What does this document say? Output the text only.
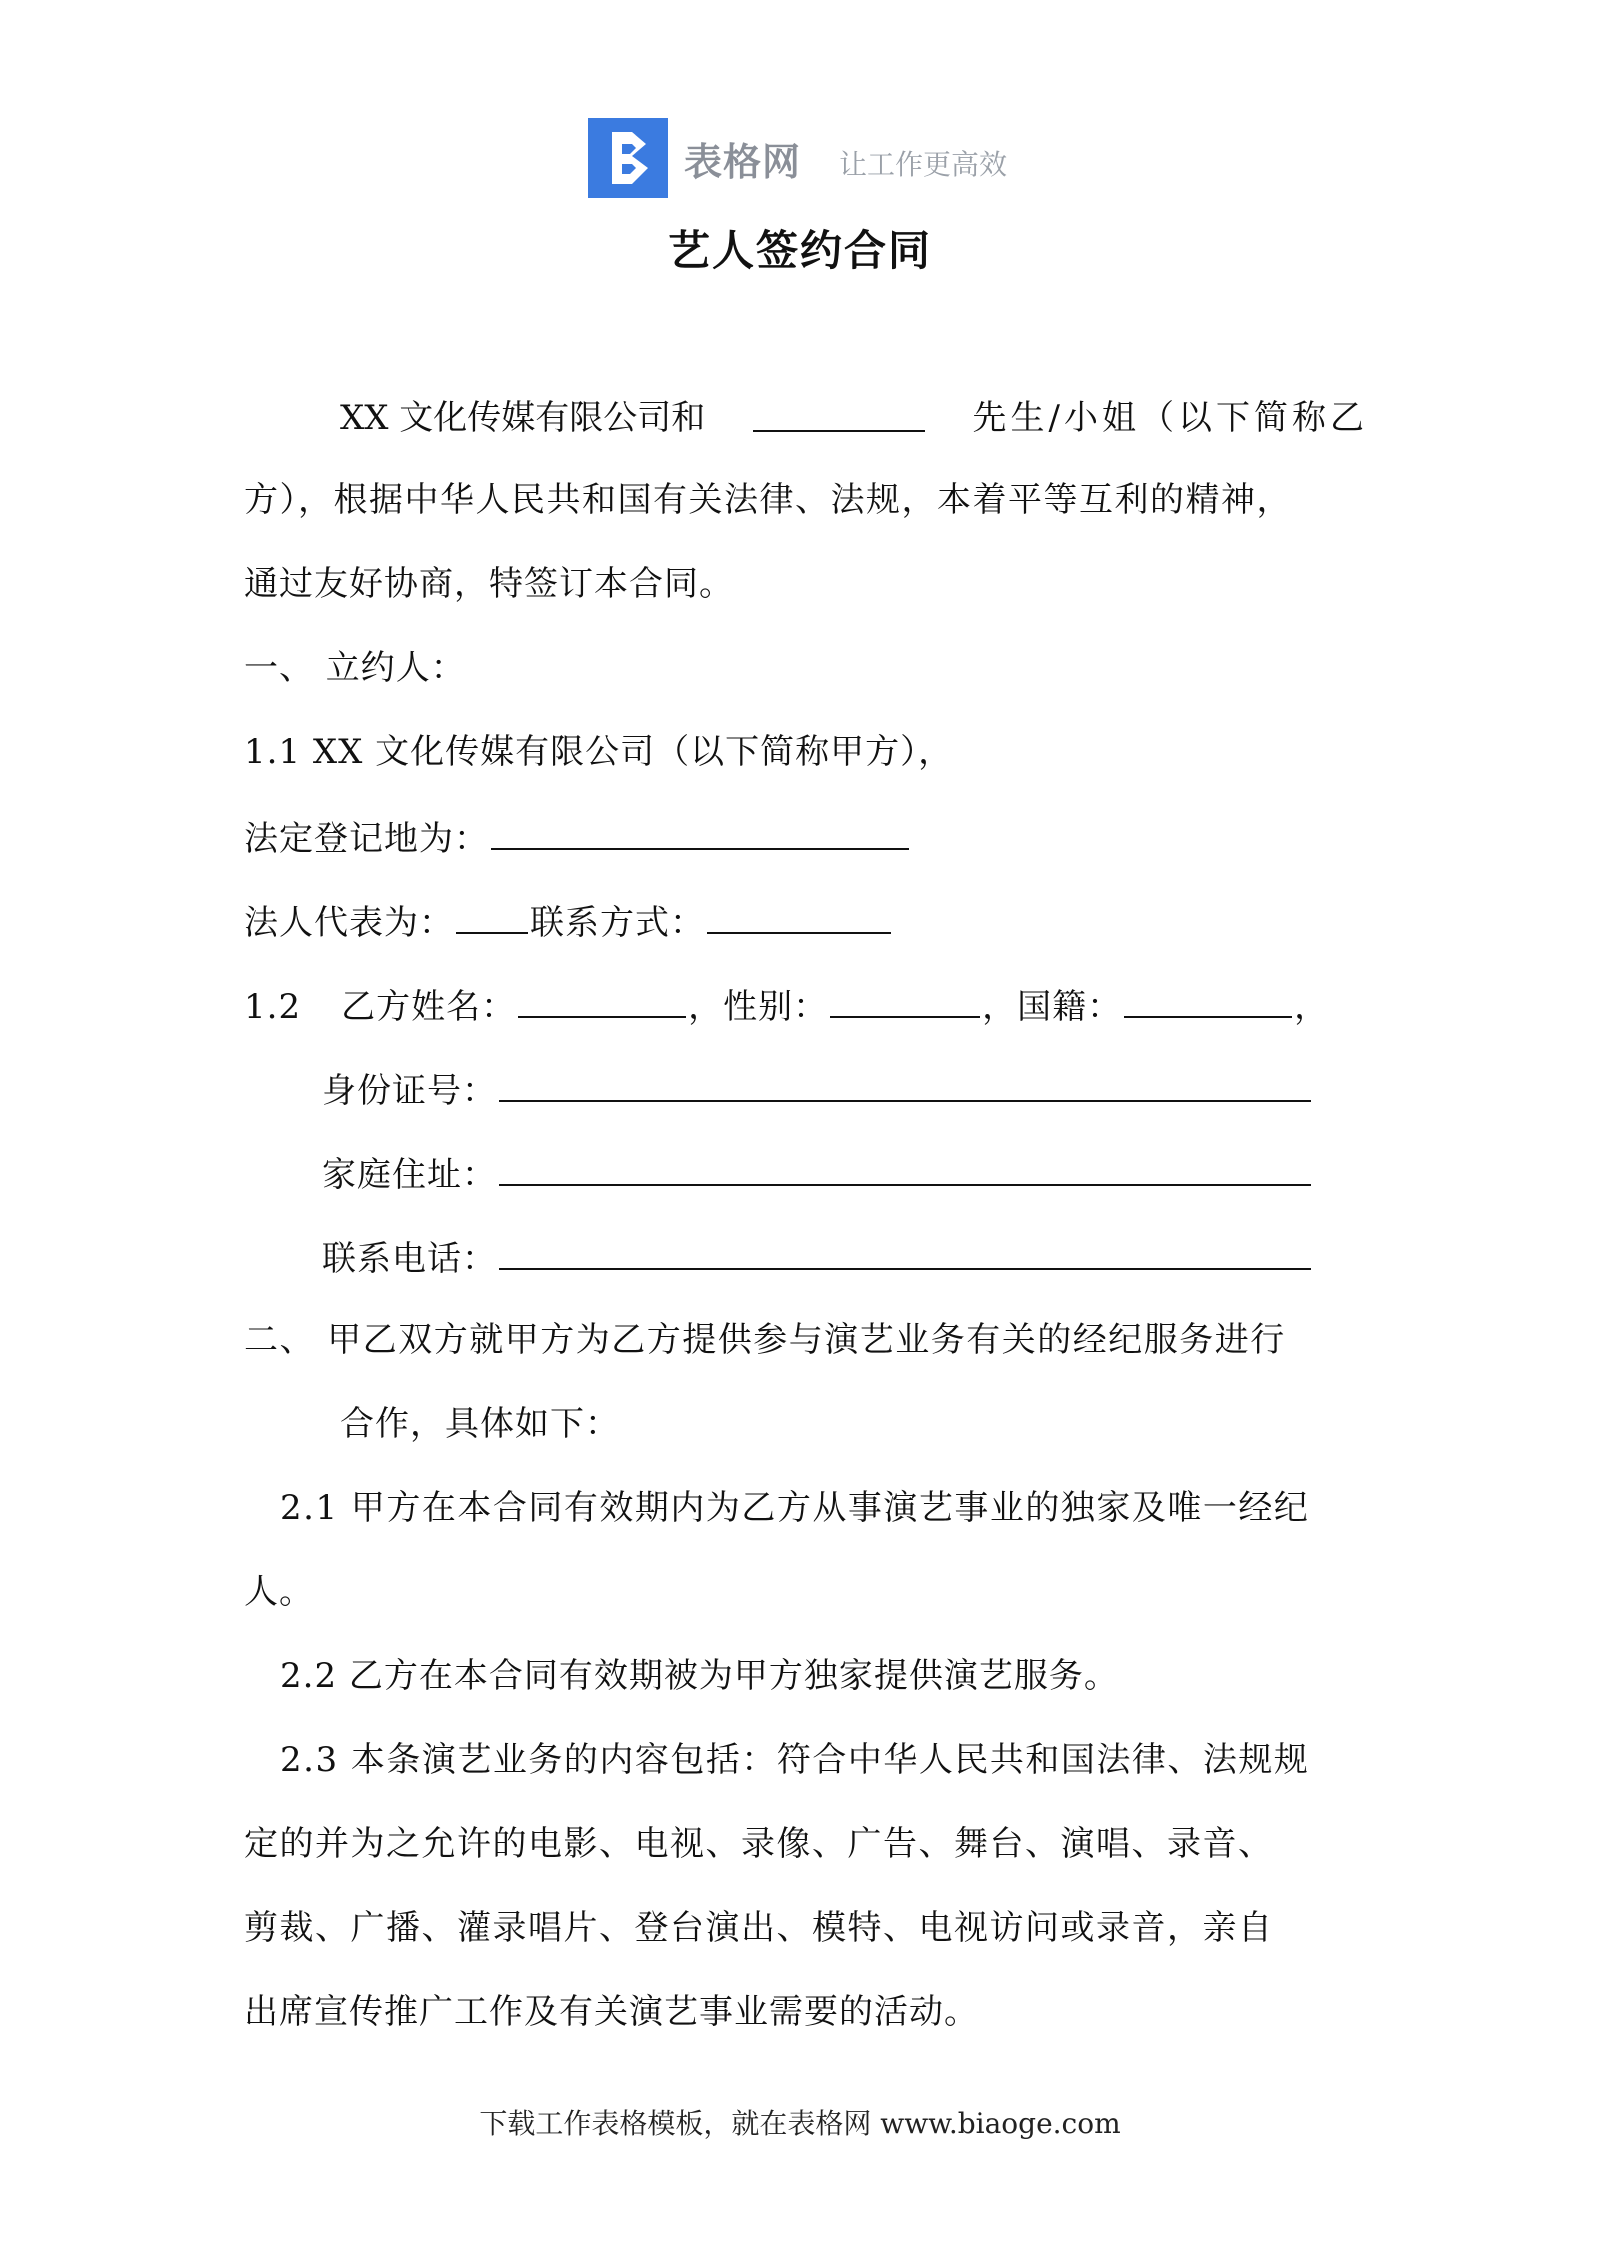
表格网 让工作更高效
艺人签约合同
XX 文化传媒有限公司和	先生/小姐（以下简称乙
方），根据中华人民共和国有关法律、法规，本着平等互利的精神，
通过友好协商，特签订本合同。
一、 立约人：
1.1 XX 文化传媒有限公司（以下简称甲方），
法定登记地为：
法人代表为： 联系方式：
1.2 乙方姓名：	，性别：	，国籍：	，
身份证号：
家庭住址：
联系电话：
二、 甲乙双方就甲方为乙方提供参与演艺业务有关的经纪服务进行
合作，具体如下：
2.1 甲方在本合同有效期内为乙方从事演艺事业的独家及唯一经纪
人。
2.2 乙方在本合同有效期被为甲方独家提供演艺服务。
2.3 本条演艺业务的内容包括：符合中华人民共和国法律、法规规
定的并为之允许的电影、电视、录像、广告、舞台、演唱、录音、
剪裁、广播、灌录唱片、登台演出、模特、电视访问或录音，亲自
出席宣传推广工作及有关演艺事业需要的活动。
下载工作表格模板，就在表格网 www.biaoge.com
